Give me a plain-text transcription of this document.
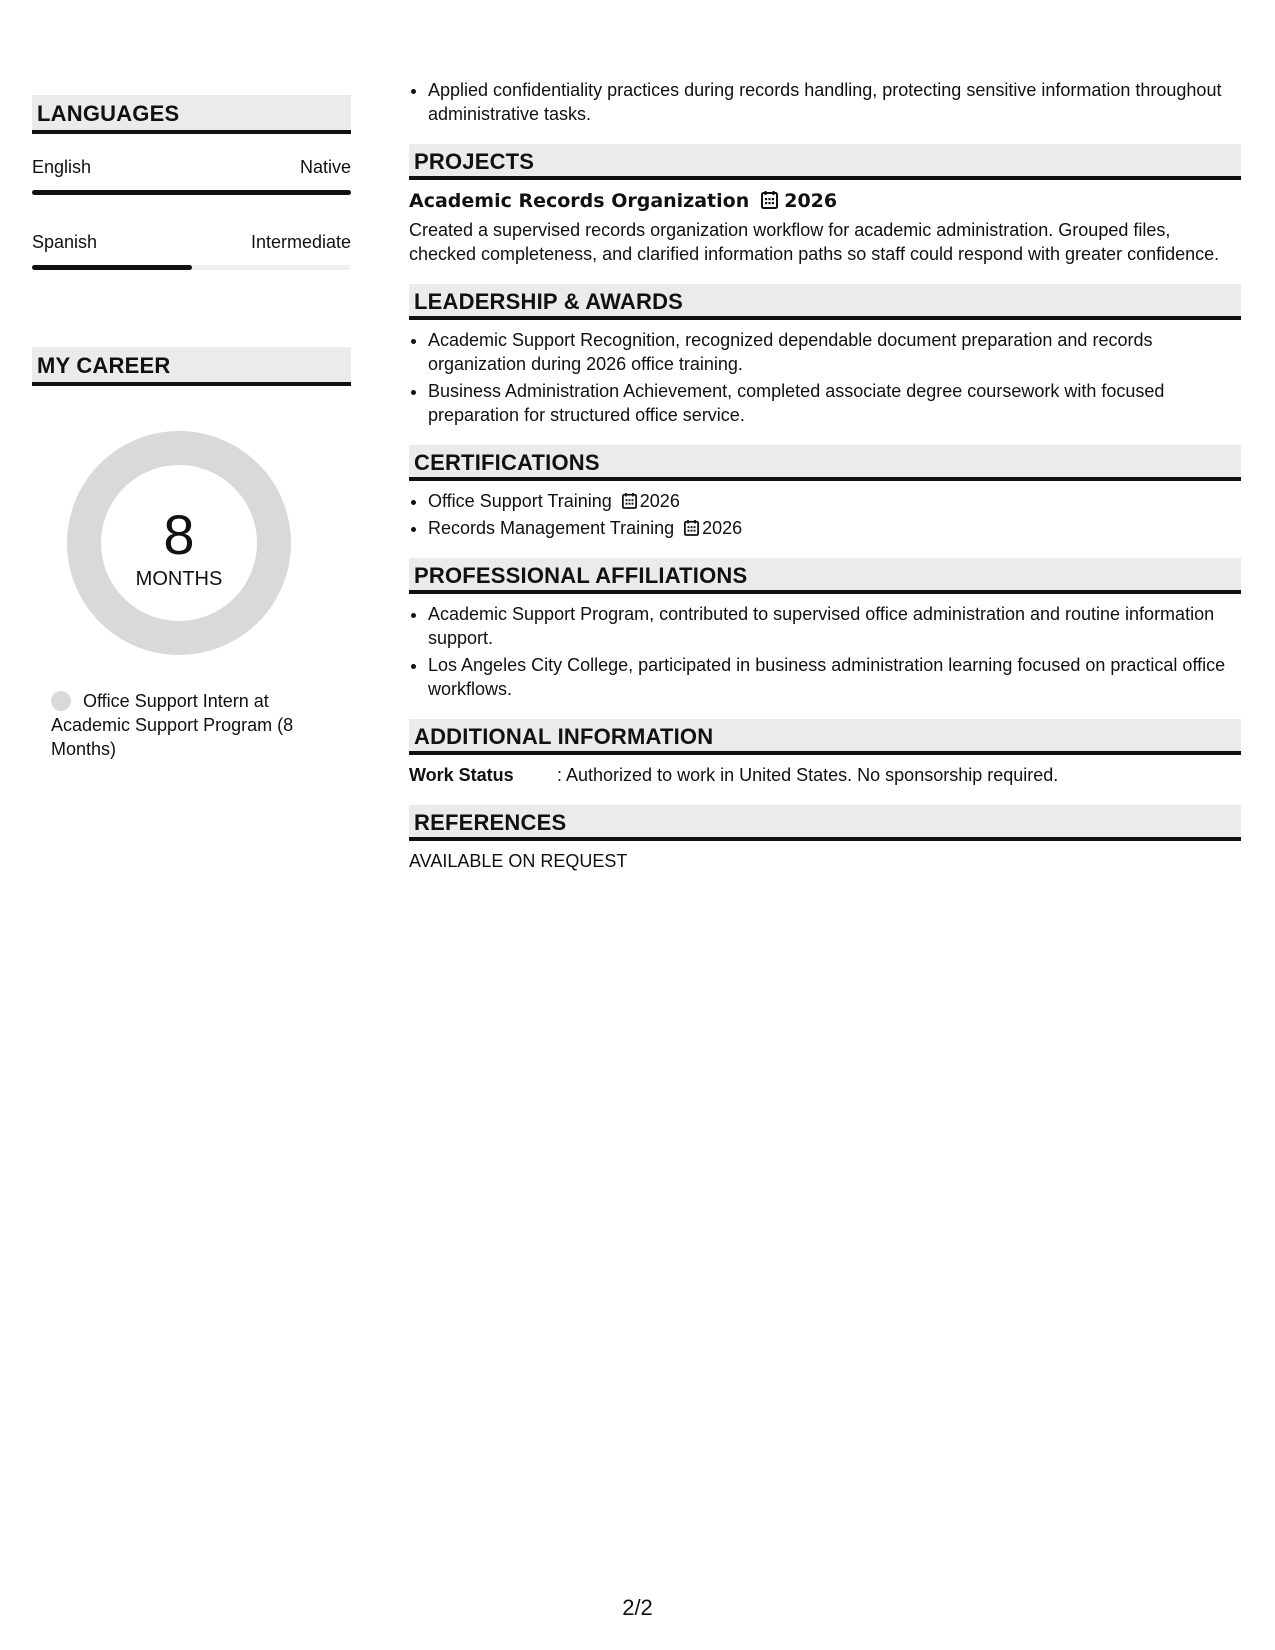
LANGUAGES
English	Native
Spanish	Intermediate
MY CAREER
8
MONTHS
Office Support Intern at Academic Support Program (8 Months)
• Applied confidentiality practices during records handling, protecting sensitive information throughout administrative tasks.
PROJECTS
Academic Records Organization 2026
Created a supervised records organization workflow for academic administration. Grouped files, checked completeness, and clarified information paths so staff could respond with greater confidence.
LEADERSHIP & AWARDS
• Academic Support Recognition, recognized dependable document preparation and records organization during 2026 office training.
• Business Administration Achievement, completed associate degree coursework with focused preparation for structured office service.
CERTIFICATIONS
• Office Support Training 2026
• Records Management Training 2026
PROFESSIONAL AFFILIATIONS
• Academic Support Program, contributed to supervised office administration and routine information support.
• Los Angeles City College, participated in business administration learning focused on practical office workflows.
ADDITIONAL INFORMATION
Work Status	: Authorized to work in United States. No sponsorship required.
REFERENCES
AVAILABLE ON REQUEST
2/2
